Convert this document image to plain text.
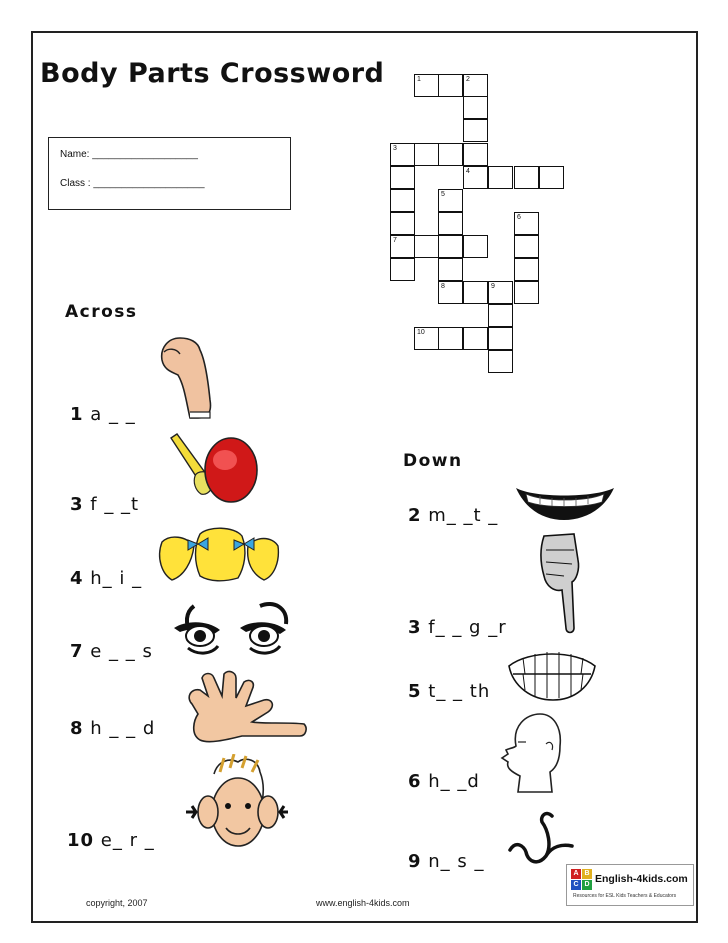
Body Parts Crossword
Name: ___________________
Class : ____________________
1	2
3
4
5
6
7
8	9
10
Across
1 a _ _
3 f _ _t
4 h_ i _
7 e _ _ s
8 h _ _ d
10 e_ r _
Down
2 m_ _t _
3 f_ _ g _r
5 t_ _ th
6 h_ _d
9 n_ s _
copyright, 2007	www.english-4kids.com
A B
C D English-4kids.com
Resources for ESL Kids Teachers & Educators
